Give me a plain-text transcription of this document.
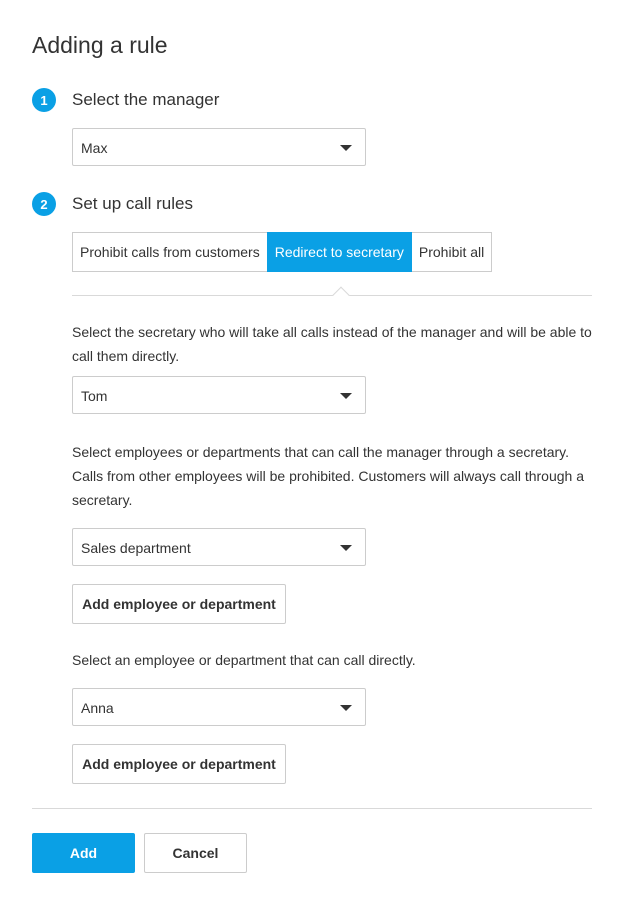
Adding a rule
1	Select the manager
Max
2	Set up call rules
Prohibit calls from customers	Redirect to secretary	Prohibit all
Select the secretary who will take all calls instead of the manager and will be able to call them directly.
Tom
Select employees or departments that can call the manager through a secretary. Calls from other employees will be prohibited. Customers will always call through a secretary.
Sales department
Add employee or department
Select an employee or department that can call directly.
Anna
Add employee or department
Add	Cancel
